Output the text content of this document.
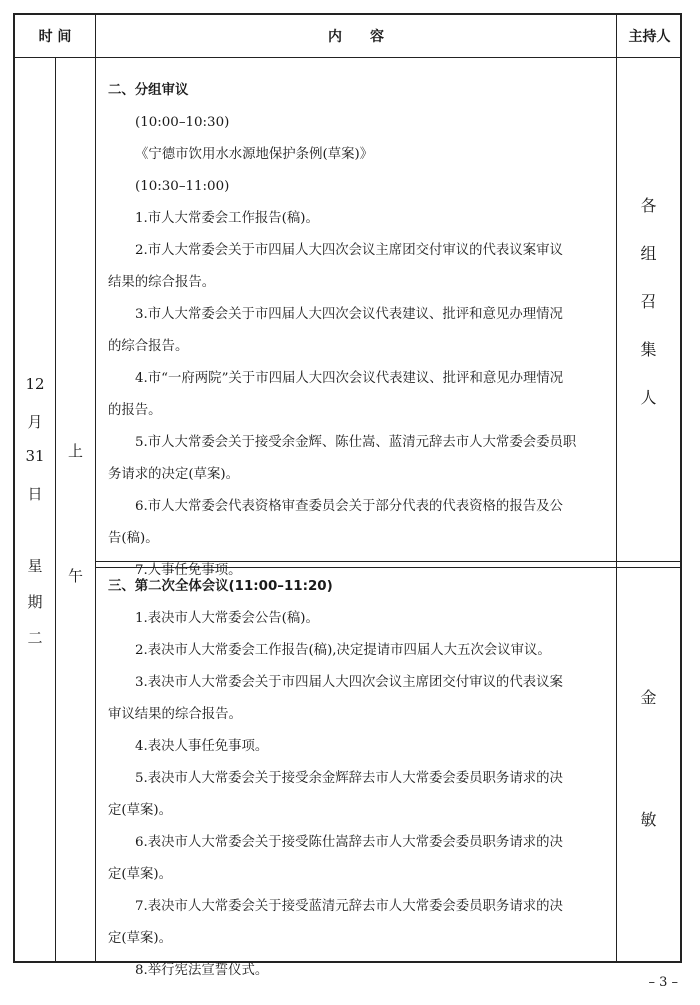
时 间	内　　容	主持人
12
月
31
日
星
期
二
上
午
二、分组审议
(10:00–10:30)
《宁德市饮用水水源地保护条例(草案)》
(10:30–11:00)
1.市人大常委会工作报告(稿)。
2.市人大常委会关于市四届人大四次会议主席团交付审议的代表议案审议
结果的综合报告。
3.市人大常委会关于市四届人大四次会议代表建议、批评和意见办理情况
的综合报告。
4.市“一府两院”关于市四届人大四次会议代表建议、批评和意见办理情况
的报告。
5.市人大常委会关于接受余金辉、陈仕嵩、蓝清元辞去市人大常委会委员职
务请求的决定(草案)。
6.市人大常委会代表资格审查委员会关于部分代表的代表资格的报告及公
告(稿)。
7.人事任免事项。
三、第二次全体会议(11:00–11:20)
1.表决市人大常委会公告(稿)。
2.表决市人大常委会工作报告(稿),决定提请市四届人大五次会议审议。
3.表决市人大常委会关于市四届人大四次会议主席团交付审议的代表议案
审议结果的综合报告。
4.表决人事任免事项。
5.表决市人大常委会关于接受余金辉辞去市人大常委会委员职务请求的决
定(草案)。
6.表决市人大常委会关于接受陈仕嵩辞去市人大常委会委员职务请求的决
定(草案)。
7.表决市人大常委会关于接受蓝清元辞去市人大常委会委员职务请求的决
定(草案)。
8.举行宪法宣誓仪式。
各
组
召
集
人
金
敏
– 3 –
